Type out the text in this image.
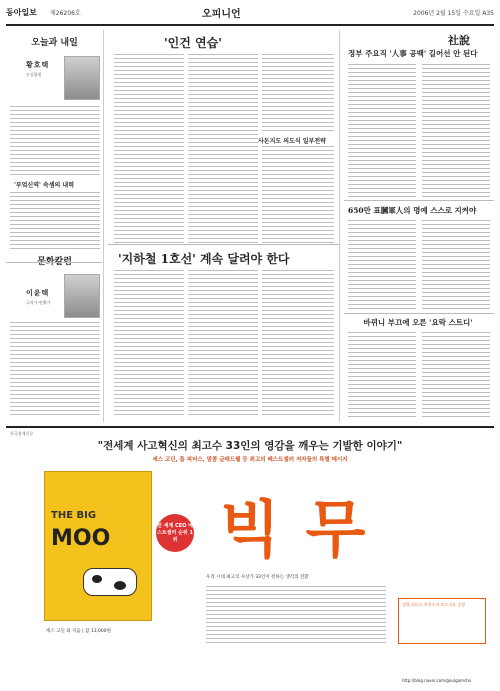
동아일보 제26206호	오피니언	2006년 2월 15일 수요일 A35
오늘과 내일
황호택
논설위원
'부엌신역' 속셈의 내력
문화칼럼
이윤택
극작가·연출가
'인건 연습'
사돈지도 의도식 일부전략
'지하철 1호선' 계속 달려야 한다
社說
정부 주요직 '人事 공백' 길어선 안 된다
650만 표膕軍人의 명예 스스로 지켜야
바뀌니 부끄에 오른 '요락 스트디'
한국경제신문
"전세계 사고혁신의 최고수 33인의 영감을 깨우는 기발한 이야기"
세스 고딘, 톰 피터스, 말콤 글래드웰 등 최고의 베스트셀러 저자들의 특별 메시지
THE BIG
MOO	전 세계 CEO 베스트셀러 순위 1위 빅 무
우리 시대 최고의 사상가 33인이 전하는 생각의 전환
경영 리더스 추천도서 보도자료 증정
세스 고딘 외 지음 | 값 13,000원
http://blog.naver.com/geulgamcho
